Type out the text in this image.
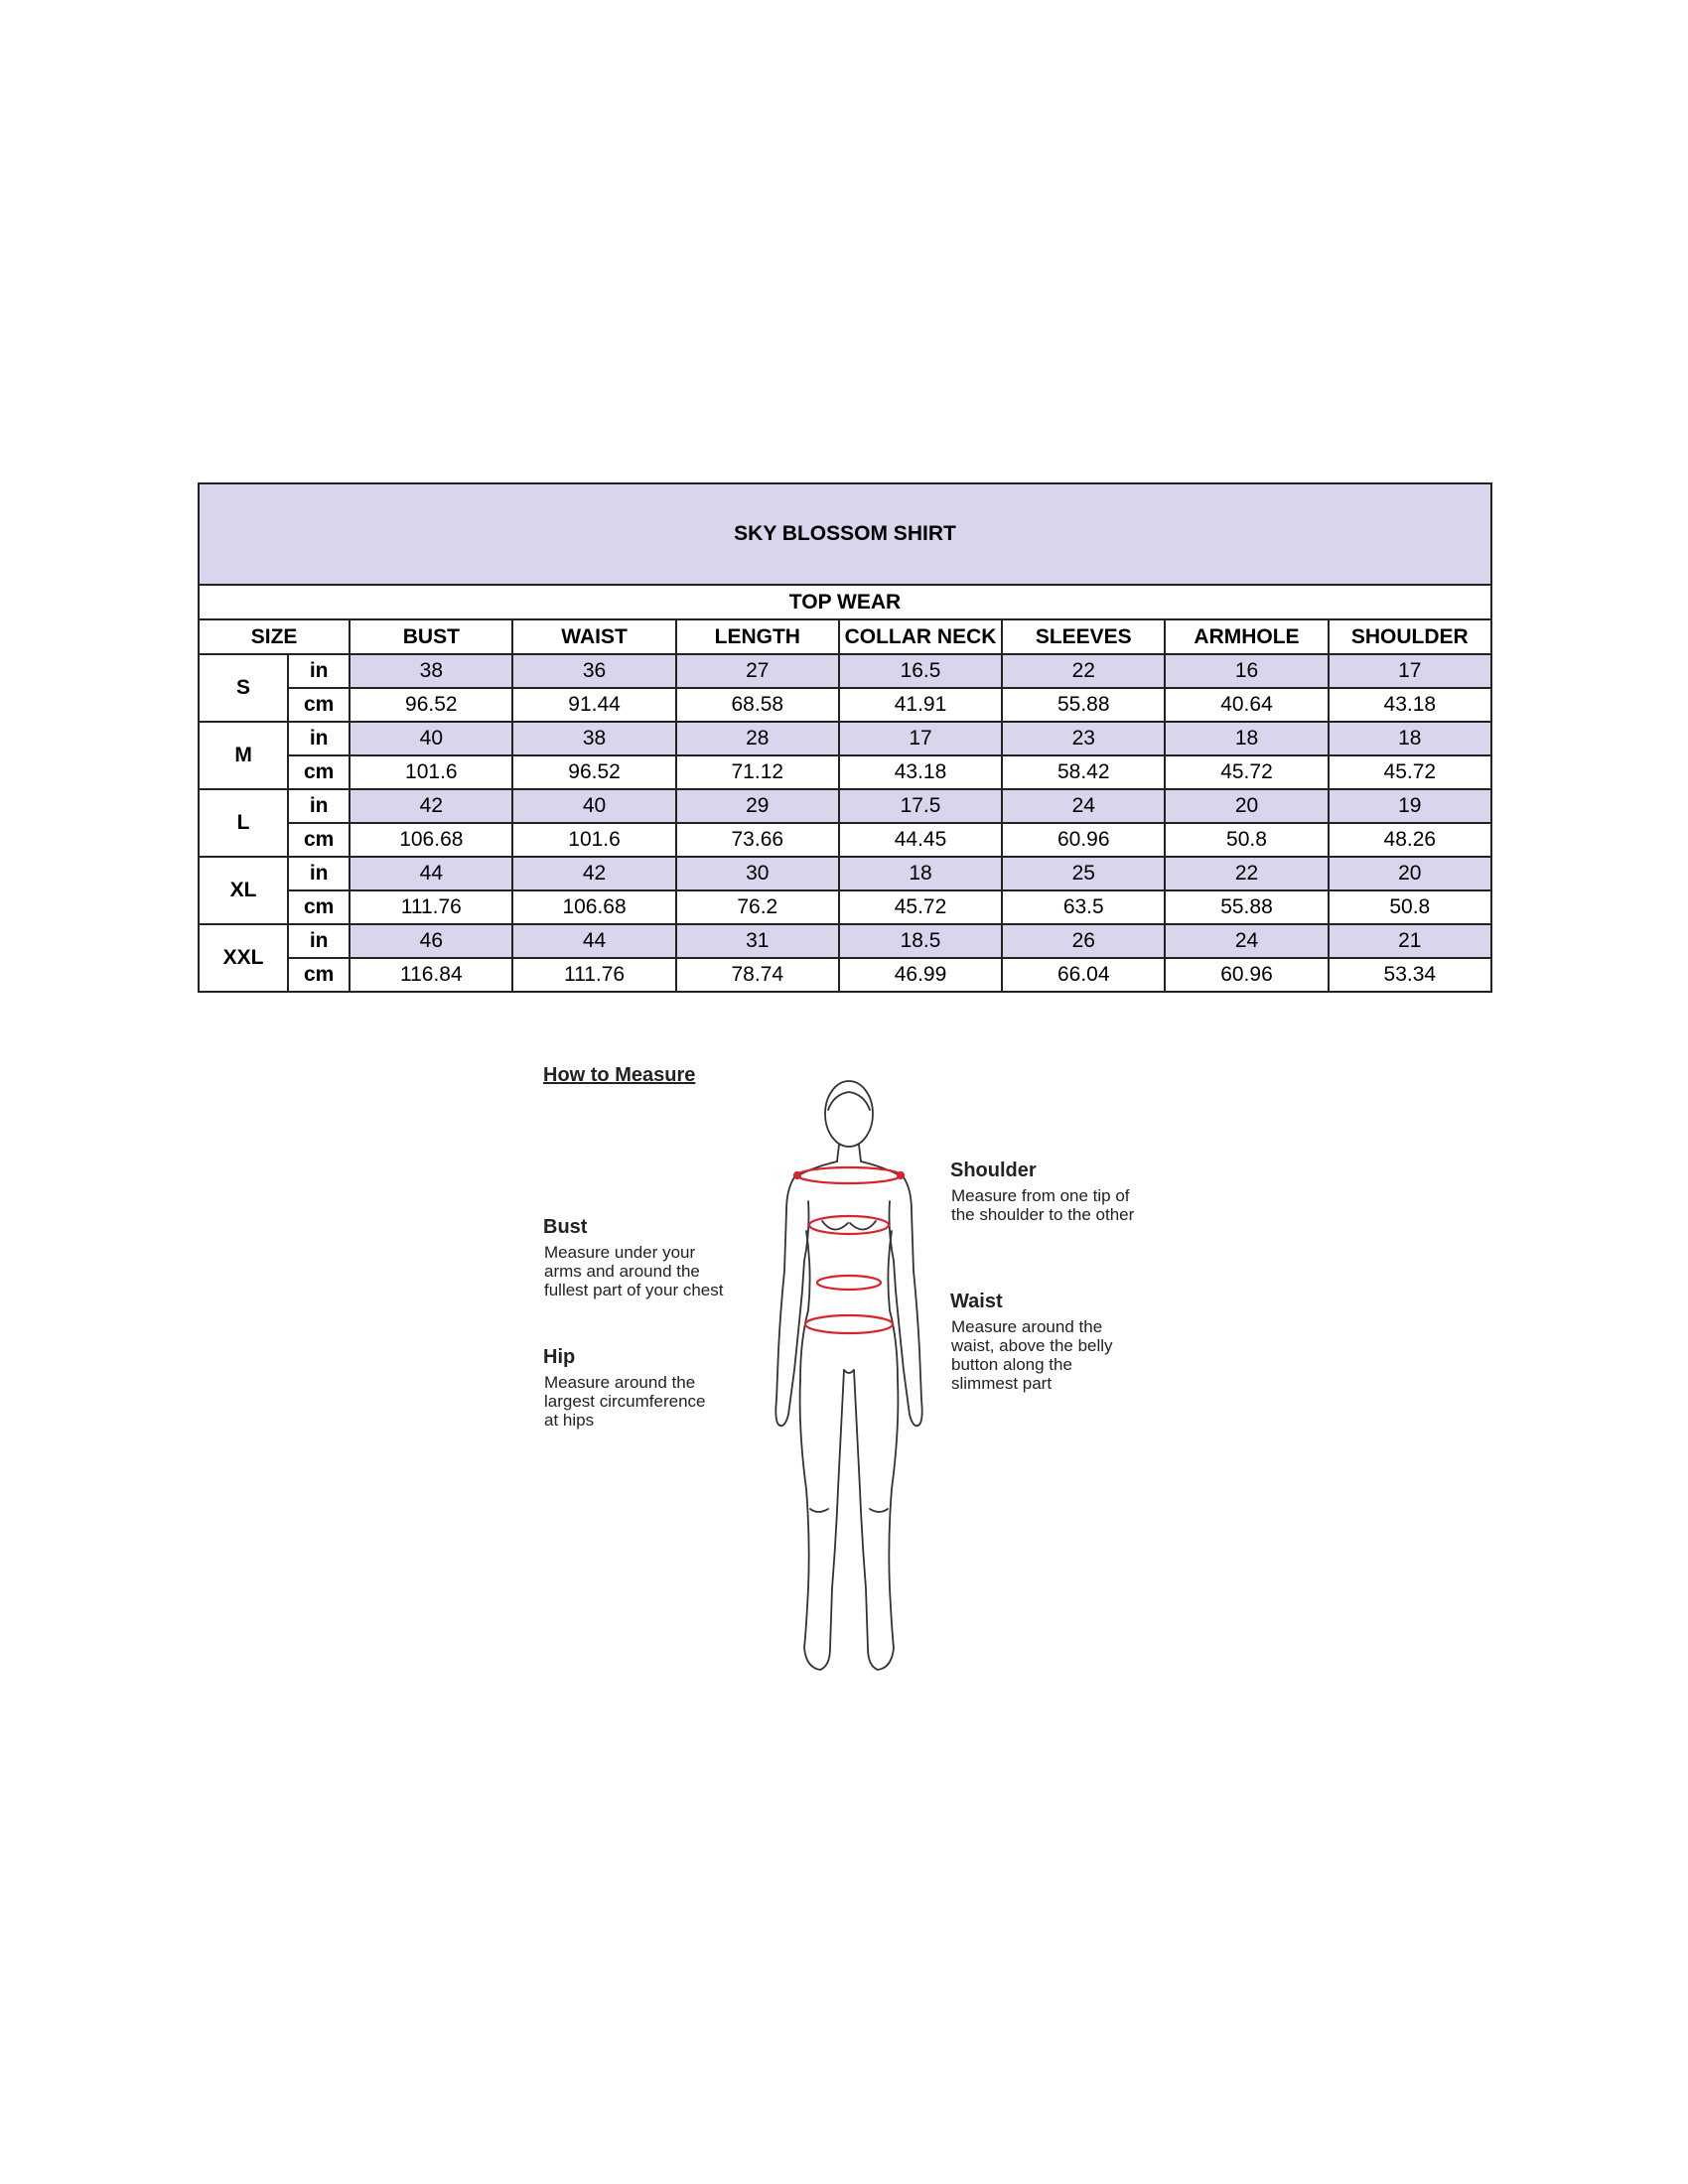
SKY BLOSSOM SHIRT								
TOP WEAR								
SIZE		BUST	WAIST	LENGTH	COLLAR NECK	SLEEVES	ARMHOLE	SHOULDER
S	in	38	36	27	16.5	22	16	17
	cm	96.52	91.44	68.58	41.91	55.88	40.64	43.18
M	in	40	38	28	17	23	18	18
	cm	101.6	96.52	71.12	43.18	58.42	45.72	45.72
L	in	42	40	29	17.5	24	20	19
	cm	106.68	101.6	73.66	44.45	60.96	50.8	48.26
XL	in	44	42	30	18	25	22	20
	cm	111.76	106.68	76.2	45.72	63.5	55.88	50.8
XXL	in	46	44	31	18.5	26	24	21
	cm	116.84	111.76	78.74	46.99	66.04	60.96	53.34
How to Measure
Bust
Measure under your
arms and around the
fullest part of your chest
Hip
Measure around the
largest circumference
at hips
Shoulder
Measure from one tip of
the shoulder to the other
Waist
Measure around the
waist, above the belly
button along the
slimmest part
